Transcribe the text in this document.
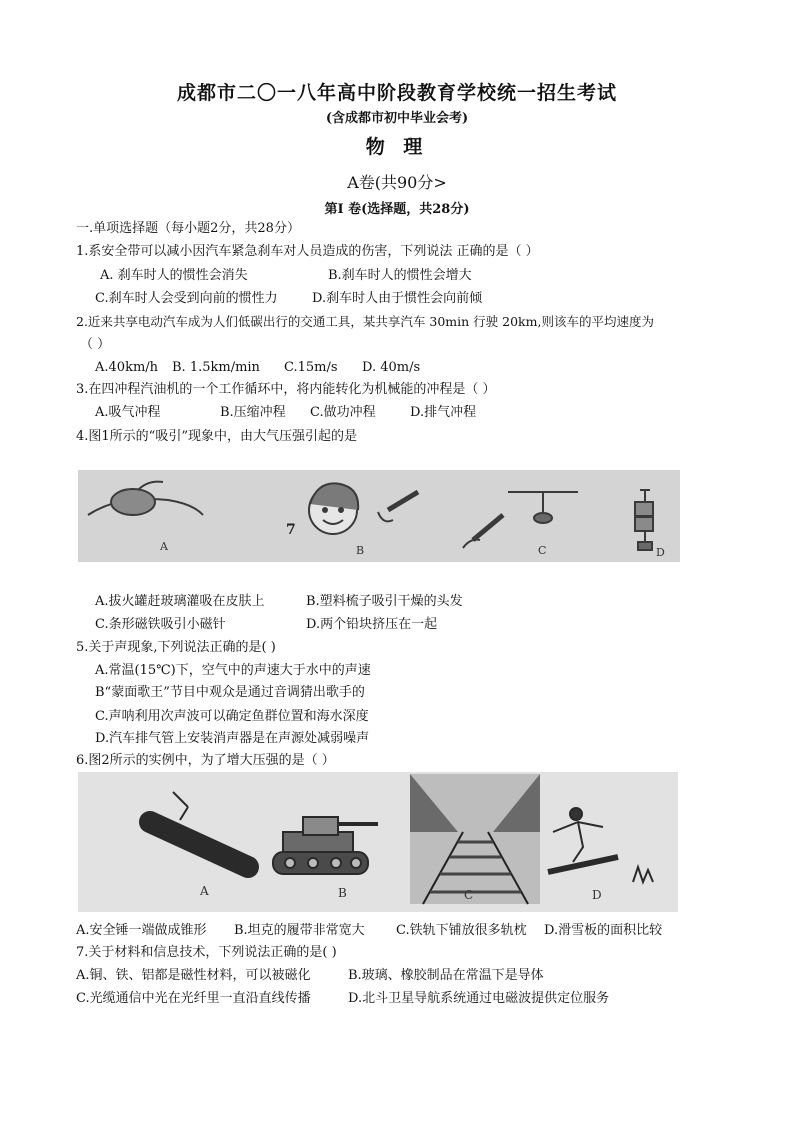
成都市二〇一八年高中阶段教育学校统一招生考试
(含成都市初中毕业会考)
物 理
A卷(共90分>
第Ⅰ 卷(选择题，共28分)
一.单项选择题（每小题2分，共28分）
1.系安全带可以减小因汽车紧急刹车对人员造成的伤害，下列说法 正确的是（ ）
A. 刹车时人的惯性会消失	B.刹车时人的惯性会增大
C.刹车时人会受到向前的惯性力	D.刹车时人由于惯性会向前倾
2.近来共享电动汽车成为人们低碳出行的交通工具，某共享汽车 30min 行驶 20km,则该车的平均速度为
（ ）
A.40km/h B. 1.5km/min C.15m/s D. 40m/s
3.在四冲程汽油机的一个工作循环中，将内能转化为机械能的冲程是（ ）
A.吸气冲程	B.压缩冲程 C.做功冲程	D.排气冲程
4.图1所示的“吸引”现象中，由大气压强引起的是
A
7
B	C	D
A.拔火罐赶玻璃灌吸在皮肤上	B.塑料梳子吸引干燥的头发
C.条形磁铁吸引小磁针	D.两个铅块挤压在一起
5.关于声现象,下列说法正确的是( )
A.常温(15℃)下，空气中的声速大于水中的声速
B“蒙面歌王”节目中观众是通过音调猜出歌手的
C.声呐利用次声波可以确定鱼群位置和海水深度
D.汽车排气管上安装消声器是在声源处减弱噪声
6.图2所示的实例中，为了增大压强的是（ ）
A	B	C	D
A.安全锤一端做成锥形 B.坦克的履带非常宽大 C.铁轨下铺放很多轨枕 D.滑雪板的面积比较
7.关于材料和信息技术，下列说法正确的是( )
A.铜、铁、铝都是磁性材料，可以被磁化	B.玻璃、橡胶制品在常温下是导体
C.光缆通信中光在光纤里一直沿直线传播	D.北斗卫星导航系统通过电磁波提供定位服务
